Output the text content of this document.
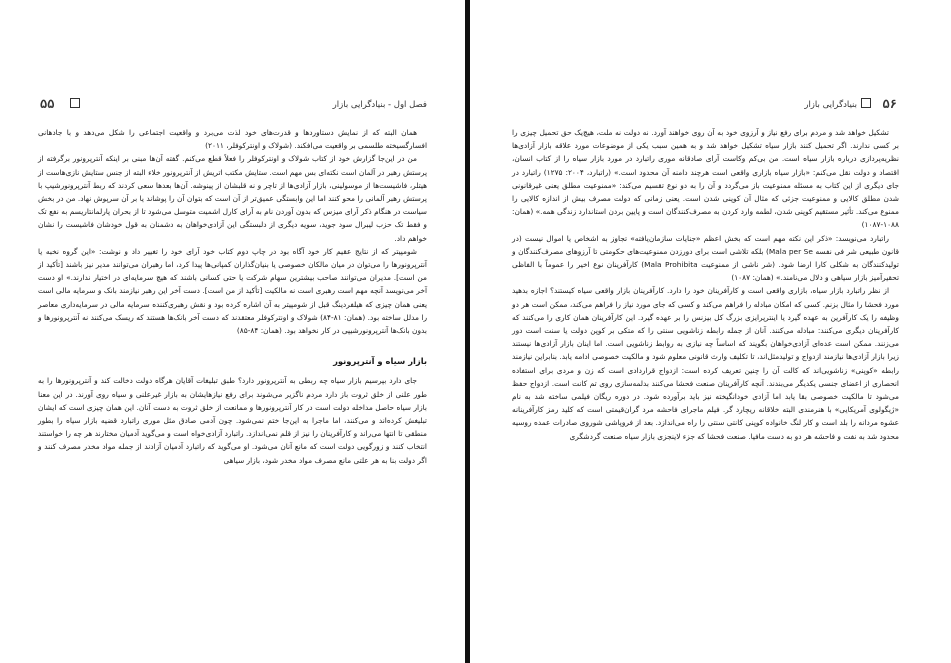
۵۵	فصل اول - بنیادگرایی بازار

همان البته که از نمایش دستاوردها و قدرت‌های خود لذت می‌برد و واقعیت اجتماعی را شکل می‌دهد و با جادهانی افسارگسیخته طلسمی بر واقعیت می‌افکند. (شولاک و اونترکوفلر، ۲۰۱۱)

من در این‌جا گزارش خود از کتاب شولاک و اونترکوفلر را فعلاً قطع می‌کنم. گفته آن‌ها مبنی بر اینکه آنترپرونور برگرفته از پرستش رهبر در آلمان است نکته‌ای بس مهم است. ستایش مکتب اتریش از آنترپرونور خلاء البته از جنس ستایش نازی‌هاست از هیتلر، فاشیست‌ها از موسولینی، بازار آزادی‌ها از تاچر و نه قلبشان از پینوشه. آن‌ها بعدها سعی کردند که ربط آنترپرونورشیپ با پرستش رهبر آلمانی را محو کنند اما این وابستگی عمیق‌تر از آن است که بتوان آن را پوشاند یا بر آن سرپوش نهاد. من در بخش سیاست در هنگام ذکر آرای میزس که بدون آوردن نام به آرای کارل اشمیت متوسل می‌شود تا از بحران پارلمانتاریسم به نفع تک و فقط تک حزب لیبرال سود جوید، سویه دیگری از دلبستگی این آزادی‌خواهان به دشمنان به قول خودشان فاشیست را نشان خواهم داد.

شومپیتر که از نتایج عقیم کار خود آگاه بود در چاپ دوم کتاب خود آرای خود را تغییر داد و نوشت: «این گروه نخبه یا آنترپرونورها را می‌توان در میان مالکان خصوصی یا بنیان‌گذاران کمپانی‌ها پیدا کرد، اما رهبران می‌توانند مدیر نیز باشند [تأکید از من است]. مدیران می‌توانند صاحب بیشترین سهام شرکت یا حتی کسانی باشند که هیچ سرمایه‌ای در اختیار ندارند.» او دست آخر می‌نویسد آنچه مهم است رهبری است نه مالکیت [تأکید از من است]. دست آخر این رهبر نیازمند بانک و سرمایه مالی است یعنی همان چیزی که هیلفردینگ قبل از شومپیتر به آن اشاره کرده بود و نقش رهبری‌کننده سرمایه مالی در سرمایه‌داری معاصر را مدلل ساخته بود. (همان: ۸۱-۸۴) شولاک و اونترکوفلر معتقدند که دست آخر بانک‌ها هستند که ریسک می‌کنند نه آنترپرونورها و بدون بانک‌ها آنترپرونورشیپی در کار نخواهد بود. (همان: ۸۴-۸۵)

بازار سیاه و آنترپرونور

جای دارد بپرسیم بازار سیاه چه ربطی به آنترپرونور دارد؟ طبق تبلیغات آقایان هرگاه دولت دخالت کند و آنترپرونورها را به طور علنی از خلق ثروت باز دارد مردم ناگزیر می‌شوند برای رفع نیازهایشان به بازار غیرعلنی و سیاه روی آورند. در این معنا بازار سیاه حاصل مداخله دولت است در کار آنترپرونورها و ممانعت از خلق ثروت به دست آنان. این همان چیزی است که ایشان تبلیغش کرده‌اند و می‌کنند، اما ماجرا به این‌جا ختم نمی‌شود. چون آدمی صادق مثل موری راتبارد قضیه بازار سیاه را بطور منطقی تا انتها می‌راند و کارآفرینان را نیز از قلم نمی‌اندازد. راتبارد آزادی‌خواه است و می‌گوید آدمیان مختارند هر چه را خواستند انتخاب کنند و زورگویی دولت است که مانع آنان می‌شود. او می‌گوید که راتبارد آدمیان آزادند از جمله مواد مخدر مصرف کنند و اگر دولت بنا به هر علتی مانع مصرف مواد مخدر شود، بازار سیاهی

۵۶
بنیادگرایی بازار

تشکیل خواهد شد و مردم برای رفع نیاز و آرزوی خود به آن روی خواهند آورد. نه دولت نه ملت، هیچ‌یک حق تحمیل چیزی را بر کسی ندارند. اگر تحمیل کنند بازار سیاه تشکیل خواهد شد و به همین سبب یکی از موضوعات مورد علاقه بازار آزادی‌ها نظریه‌پردازی درباره بازار سیاه است. من بی‌کم وکاست آرای صادقانه موری راتبارد در مورد بازار سیاه را از کتاب انسان، اقتصاد و دولت نقل می‌کنم: «بازار سیاه بازاری واقعی است هرچند دامنه آن محدود است.» (راتبارد، ۲۰۰۴: ۱۲۷۵) راتبارد در جای دیگری از این کتاب به مسئله ممنوعیت باز می‌گردد و آن را به دو نوع تقسیم می‌کند: «ممنوعیت مطلق یعنی غیرقانونی شدن مطلق کالایی و ممنوعیت جزئی که مثال آن کوپنی شدن است. یعنی زمانی که دولت مصرف بیش از اندازه کالایی را ممنوع می‌کند. تأثیر مستقیم کوپنی شدن، لطمه وارد کردن به مصرف‌کنندگان است و پایین بردن استاندارد زندگی همه.» (همان: ۱۰۸۸-۱۰۸۷)

راتبارد می‌نویسد: «ذکر این نکته مهم است که بخش اعظم «جنایات سازمان‌یافته» تجاوز به اشخاص یا اموال نیست (در قانون طبیعی شر فی نفسه Mala per Se) بلکه تلاشی است برای دورزدن ممنوعیت‌های حکومتی تا آرزوهای مصرف‌کنندگان و تولیدکنندگان به شکلی کارا ارضا شود. (شر ناشی از ممنوعیت Mala Prohibita) کارآفرینان نوع اخیر را عموماً با الفاظی تحقیرآمیز بازار سیاهی و دلال می‌نامند.» (همان: ۱۰۸۷)

از نظر راتبارد بازار سیاه، بازاری واقعی است و کارآفرینان خود را دارد. کارآفرینان بازار واقعی سیاه کیستند؟ اجازه بدهید مورد فحشا را مثال بزنم. کسی که امکان مبادله را فراهم می‌کند و کسی که جای مورد نیاز را فراهم می‌کند، ممکن است هر دو وظیفه را یک کارآفرین به عهده گیرد یا اینترپرایزی بزرگ کل بیزنس را بر عهده گیرد. این کارآفرینان همان کاری را می‌کنند که کارآفرینان دیگری می‌کنند: مبادله می‌کنند. آنان از جمله رابطه زناشویی سنتی را که متکی بر کوپن دولت یا سنت است دور می‌زنند. ممکن است عده‌ای آزادی‌خواهان بگویند که اساساً چه نیازی به روابط زناشویی است. اما اینان بازار آزادی‌ها نیستند زیرا بازار آزادی‌ها نیازمند ازدواج و تولیدمثل‌اند، تا تکلیف وارث قانونی معلوم شود و مالکیت خصوصی ادامه یابد. بنابراین نیازمند رابطه «کوپنی» زناشویی‌اند که کالت آن را چنین تعریف کرده است: ازدواج قراردادی است که زن و مردی برای استفاده انحصاری از اعضای جنسی یکدیگر می‌بندند. آنچه کارآفرینان صنعت فحشا می‌کنند بدلمه‌سازی روی تم کانت است. ازدواج حفظ می‌شود تا مالکیت خصوصی بقا یابد اما آزادی خودانگیخته نیز باید برآورده شود. در دوره ریگان فیلمی ساخته شد به نام «ژیگولوی آمریکایی» با هنرمندی البته خلاقانه ریچارد گر. فیلم ماجرای فاحشه مرد گران‌قیمتی است که کلید رمز کارآفرینانه عشوه مردانه را بلد است و کار لنگ خانواده کوپنی کانتی سنتی را راه می‌اندازد. بعد از فروپاشی شوروی صادرات عمده روسیه محدود شد به نفت و فاحشه هر دو به دست مافیا. صنعت فحشا که جزء لاینجزی بازار سیاه صنعت گردشگری
